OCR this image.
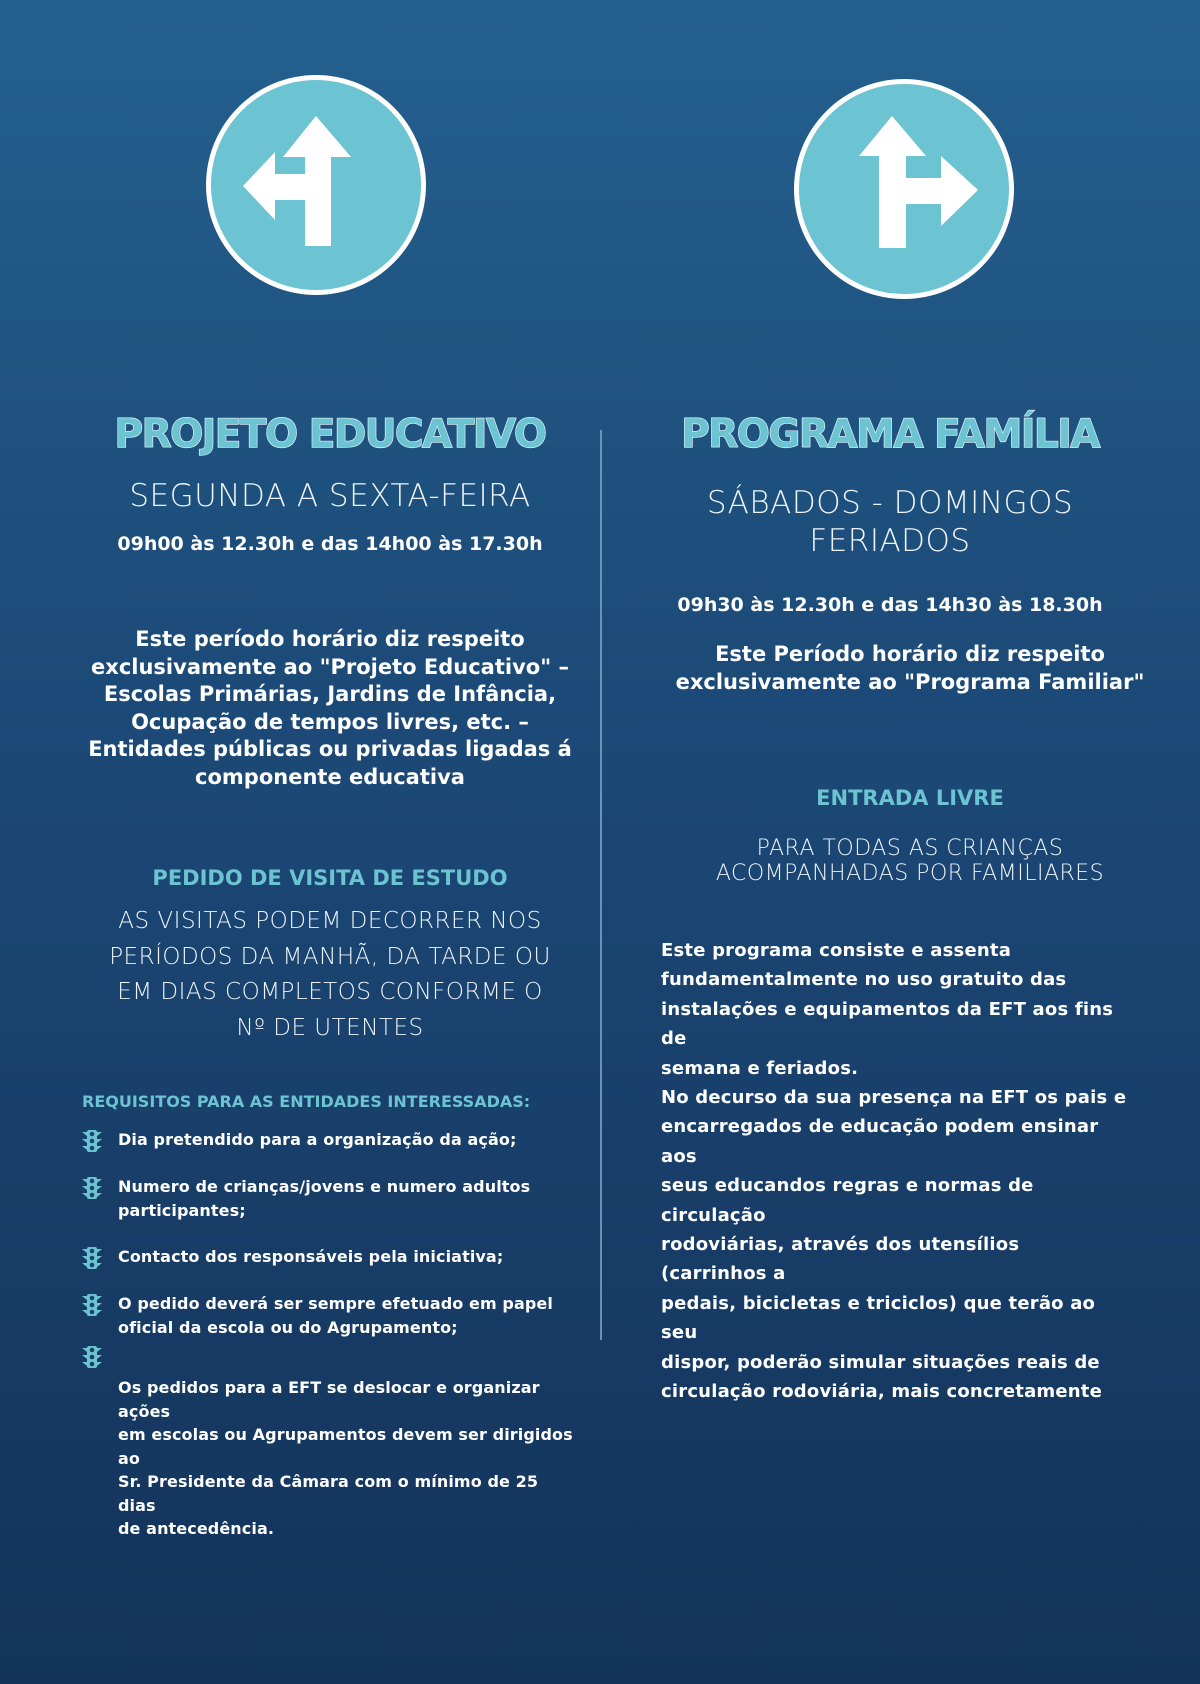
PROJETO EDUCATIVO
SEGUNDA A SEXTA-FEIRA
09h00 às 12.30h e das 14h00 às 17.30h
Este período horário diz respeito
exclusivamente ao "Projeto Educativo" –
Escolas Primárias, Jardins de Infância,
Ocupação de tempos livres, etc. –
Entidades públicas ou privadas ligadas á
componente educativa
PEDIDO DE VISITA DE ESTUDO
AS VISITAS PODEM DECORRER NOS
PERÍODOS DA MANHÃ, DA TARDE OU
EM DIAS COMPLETOS CONFORME O
Nº DE UTENTES
REQUISITOS PARA AS ENTIDADES INTERESSADAS:
Dia pretendido para a organização da ação;
Numero de crianças/jovens e numero adultos
participantes;
Contacto dos responsáveis pela iniciativa;
O pedido deverá ser sempre efetuado em papel
oficial da escola ou do Agrupamento;
Os pedidos para a EFT se deslocar e organizar ações
em escolas ou Agrupamentos devem ser dirigidos ao
Sr. Presidente da Câmara com o mínimo de 25 dias
de antecedência.
PROGRAMA FAMÍLIA
SÁBADOS - DOMINGOS
FERIADOS
09h30 às 12.30h e das 14h30 às 18.30h
Este Período horário diz respeito
exclusivamente ao "Programa Familiar"
ENTRADA LIVRE
PARA TODAS AS CRIANÇAS
ACOMPANHADAS POR FAMILIARES
Este programa consiste e assenta
fundamentalmente no uso gratuito das
instalações e equipamentos da EFT aos fins de
semana e feriados.
No decurso da sua presença na EFT os pais e
encarregados de educação podem ensinar aos
seus educandos regras e normas de circulação
rodoviárias, através dos utensílios (carrinhos a
pedais, bicicletas e triciclos) que terão ao seu
dispor, poderão simular situações reais de
circulação rodoviária, mais concretamente
